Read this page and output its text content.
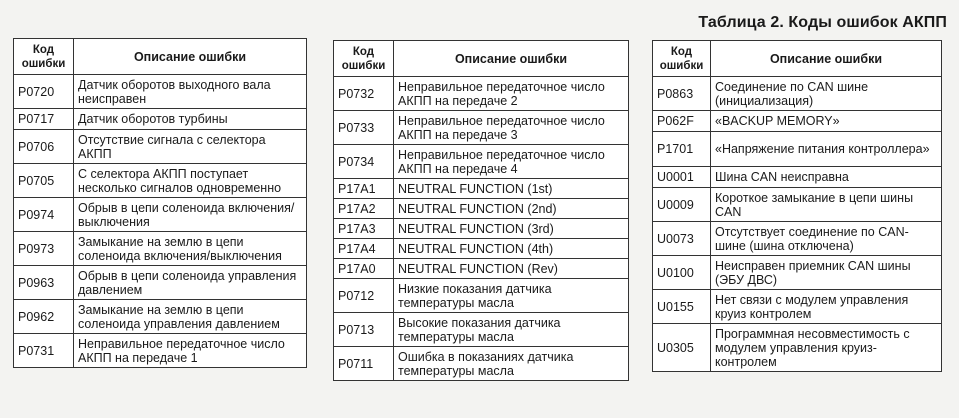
Таблица 2. Коды ошибок АКПП
Код ошибки	Описание ошибки
P0720	Датчик оборотов выходного вала неисправен
P0717	Датчик оборотов турбины
P0706	Отсутствие сигнала с селектора АКПП
P0705	С селектора АКПП поступает несколько сигналов одновременно
P0974	Обрыв в цепи соленоида включения/выключения
P0973	Замыкание на землю в цепи соленоида включения/выключения
P0963	Обрыв в цепи соленоида управления давлением
P0962	Замыкание на землю в цепи соленоида управления давлением
P0731	Неправильное передаточное число АКПП на передаче 1
Код ошибки	Описание ошибки
P0732	Неправильное передаточное число АКПП на передаче 2
P0733	Неправильное передаточное число АКПП на передаче 3
P0734	Неправильное передаточное число АКПП на передаче 4
P17A1	NEUTRAL FUNCTION (1st)
P17A2	NEUTRAL FUNCTION (2nd)
P17A3	NEUTRAL FUNCTION (3rd)
P17A4	NEUTRAL FUNCTION (4th)
P17A0	NEUTRAL FUNCTION (Rev)
P0712	Низкие показания датчика температуры масла
P0713	Высокие показания датчика температуры масла
P0711	Ошибка в показаниях датчика температуры масла
Код ошибки	Описание ошибки
P0863	Соединение по CAN шине (инициализация)
P062F	«BACKUP MEMORY»
P1701	«Напряжение питания контроллера»
U0001	Шина CAN неисправна
U0009	Короткое замыкание в цепи шины CAN
U0073	Отсутствует соединение по CAN-шине (шина отключена)
U0100	Неисправен приемник CAN шины (ЭБУ ДВС)
U0155	Нет связи с модулем управления круиз контролем
U0305	Программная несовместимость с модулем управления круиз-контролем
